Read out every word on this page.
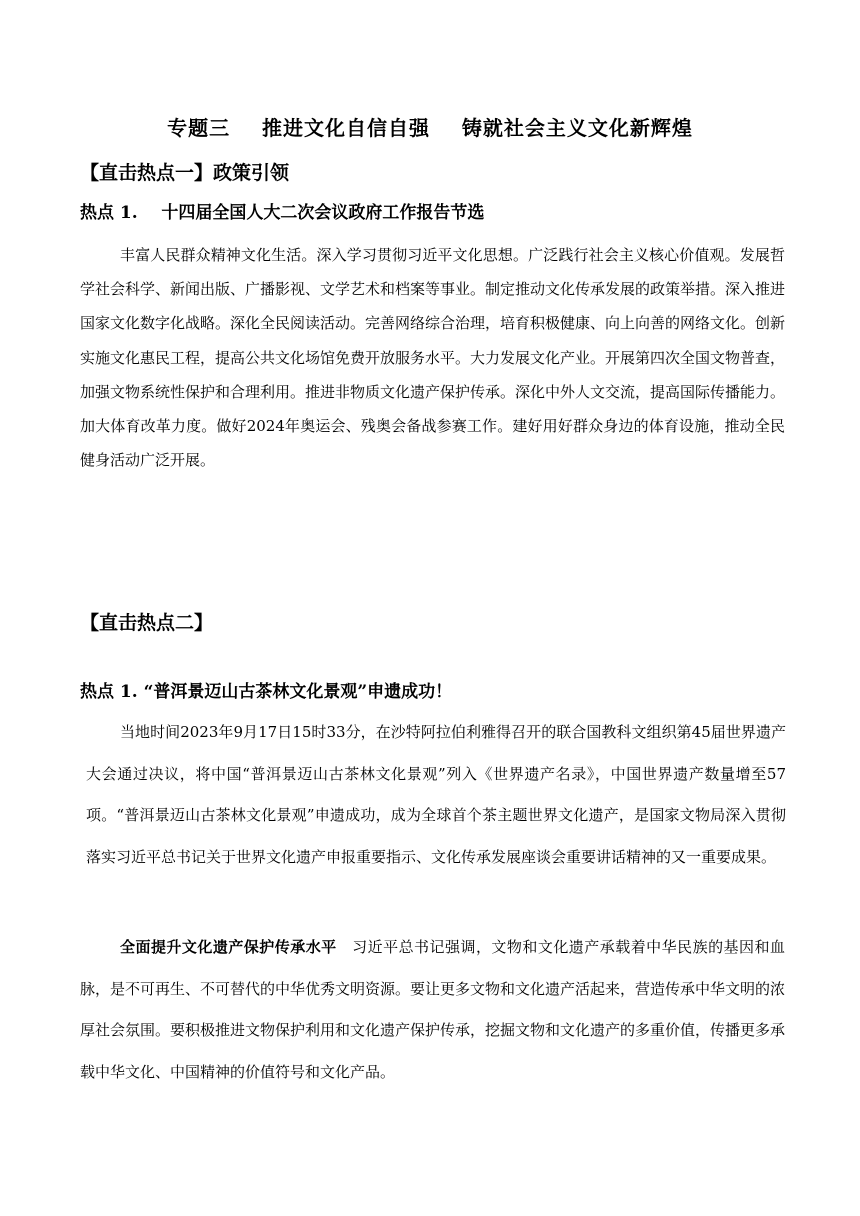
专题三    推进文化自信自强    铸就社会主义文化新辉煌
【直击热点一】政策引领
热点 1.    十四届全国人大二次会议政府工作报告节选
丰富人民群众精神文化生活。深入学习贯彻习近平文化思想。广泛践行社会主义核心价值观。发展哲学社会科学、新闻出版、广播影视、文学艺术和档案等事业。制定推动文化传承发展的政策举措。深入推进国家文化数字化战略。深化全民阅读活动。完善网络综合治理，培育积极健康、向上向善的网络文化。创新实施文化惠民工程，提高公共文化场馆免费开放服务水平。大力发展文化产业。开展第四次全国文物普查，加强文物系统性保护和合理利用。推进非物质文化遗产保护传承。深化中外人文交流，提高国际传播能力。加大体育改革力度。做好2024年奥运会、残奥会备战参赛工作。建好用好群众身边的体育设施，推动全民健身活动广泛开展。
【直击热点二】
热点 1. “普洱景迈山古茶林文化景观”申遗成功！
当地时间2023年9月17日15时33分，在沙特阿拉伯利雅得召开的联合国教科文组织第45届世界遗产大会通过决议，将中国“普洱景迈山古茶林文化景观”列入《世界遗产名录》，中国世界遗产数量增至57项。“普洱景迈山古茶林文化景观”申遗成功，成为全球首个茶主题世界文化遗产，是国家文物局深入贯彻落实习近平总书记关于世界文化遗产申报重要指示、文化传承发展座谈会重要讲话精神的又一重要成果。
全面提升文化遗产保护传承水平　 习近平总书记强调，文物和文化遗产承载着中华民族的基因和血脉，是不可再生、不可替代的中华优秀文明资源。要让更多文物和文化遗产活起来，营造传承中华文明的浓厚社会氛围。要积极推进文物保护利用和文化遗产保护传承，挖掘文物和文化遗产的多重价值，传播更多承载中华文化、中国精神的价值符号和文化产品。
